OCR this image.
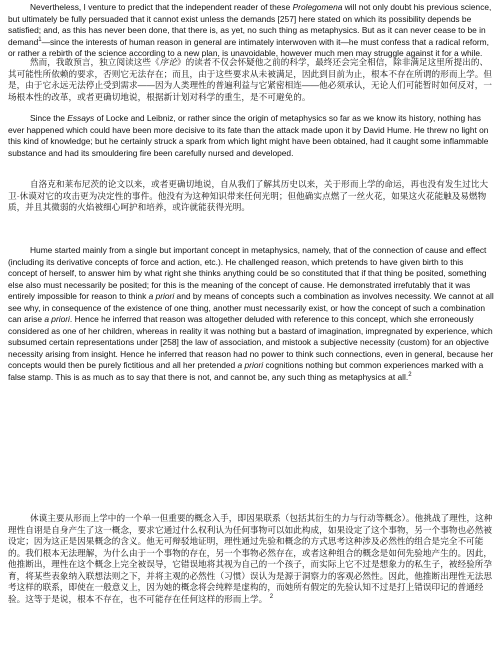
Nevertheless, I venture to predict that the independent reader of these Prolegomena will not only doubt his previous science, but ultimately be fully persuaded that it cannot exist unless the demands [257] here stated on which its possibility depends be satisfied; and, as this has never been done, that there is, as yet, no such thing as metaphysics. But as it can never cease to be in demand$^1$—since the interests of human reason in general are intimately interwoven with it—he must confess that a radical reform, or rather a rebirth of the science according to a new plan, is unavoidable, however much men may struggle against it for a while.

然而，我敢预言，独立阅读这些《序论》的读者不仅会怀疑他之前的科学，最终还会完全相信，除非满足这里所提出的、其可能性所依赖的要求，否则它无法存在；而且，由于这些要求从未被满足，因此到目前为止，根本不存在所谓的形而上学。但是，由于它永远无法停止受到需求——因为人类理性的普遍利益与它紧密相连——他必须承认，无论人们可能暂时如何反对，一场根本性的改革，或者更确切地说，根据新计划对科学的重生，是不可避免的。

Since the Essays of Locke and Leibniz, or rather since the origin of metaphysics so far as we know its history, nothing has ever happened which could have been more decisive to its fate than the attack made upon it by David Hume. He threw no light on this kind of knowledge; but he certainly struck a spark from which light might have been obtained, had it caught some inflammable substance and had its smouldering fire been carefully nursed and developed.

自洛克和莱布尼茨的论文以来，或者更确切地说，自从我们了解其历史以来，关于形而上学的命运，再也没有发生过比大卫·休谟对它的攻击更为决定性的事件。他没有为这种知识带来任何光明；但他确实点燃了一丝火花，如果这火花能触及易燃物质，并且其微弱的火焰被细心呵护和培养，或许就能获得光明。

Hume started mainly from a single but important concept in metaphysics, namely, that of the connection of cause and effect (including its derivative concepts of force and action, etc.). He challenged reason, which pretends to have given birth to this concept of herself, to answer him by what right she thinks anything could be so constituted that if that thing be posited, something else also must necessarily be posited; for this is the meaning of the concept of cause. He demonstrated irrefutably that it was entirely impossible for reason to think a priori and by means of concepts such a combination as involves necessity. We cannot at all see why, in consequence of the existence of one thing, another must necessarily exist, or how the concept of such a combination can arise a priori. Hence he inferred that reason was altogether deluded with reference to this concept, which she erroneously considered as one of her children, whereas in reality it was nothing but a bastard of imagination, impregnated by experience, which subsumed certain representations under [258] the law of association, and mistook a subjective necessity (custom) for an objective necessity arising from insight. Hence he inferred that reason had no power to think such connections, even in general, because her concepts would then be purely fictitious and all her pretended a priori cognitions nothing but common experiences marked with a false stamp. This is as much as to say that there is not, and cannot be, any such thing as metaphysics at all.$^2$

休谟主要从形而上学中的一个单一但重要的概念入手，即因果联系（包括其衍生的力与行动等概念）。他挑战了理性，这种理性自诩是自身产生了这一概念，要求它通过什么权利认为任何事物可以如此构成，如果设定了这个事物，另一个事物也必然被设定；因为这正是因果概念的含义。他无可辩驳地证明，理性通过先验和概念的方式思考这种涉及必然性的组合是完全不可能的。我们根本无法理解，为什么由于一个事物的存在，另一个事物必然存在，或者这种组合的概念是如何先验地产生的。因此，他推断出，理性在这个概念上完全被误导，它错误地将其视为自己的一个孩子，而实际上它不过是想象力的私生子，被经验所孕育，将某些表象纳入联想法则之下，并将主观的必然性（习惯）误认为是源于洞察力的客观必然性。因此，他推断出理性无法思考这样的联系，即使在一般意义上，因为她的概念将会纯粹是虚构的，而她所有假定的先验认知不过是打上错误印记的普通经验。这等于是说，根本不存在，也不可能存在任何这样的形而上学。 $^2$
